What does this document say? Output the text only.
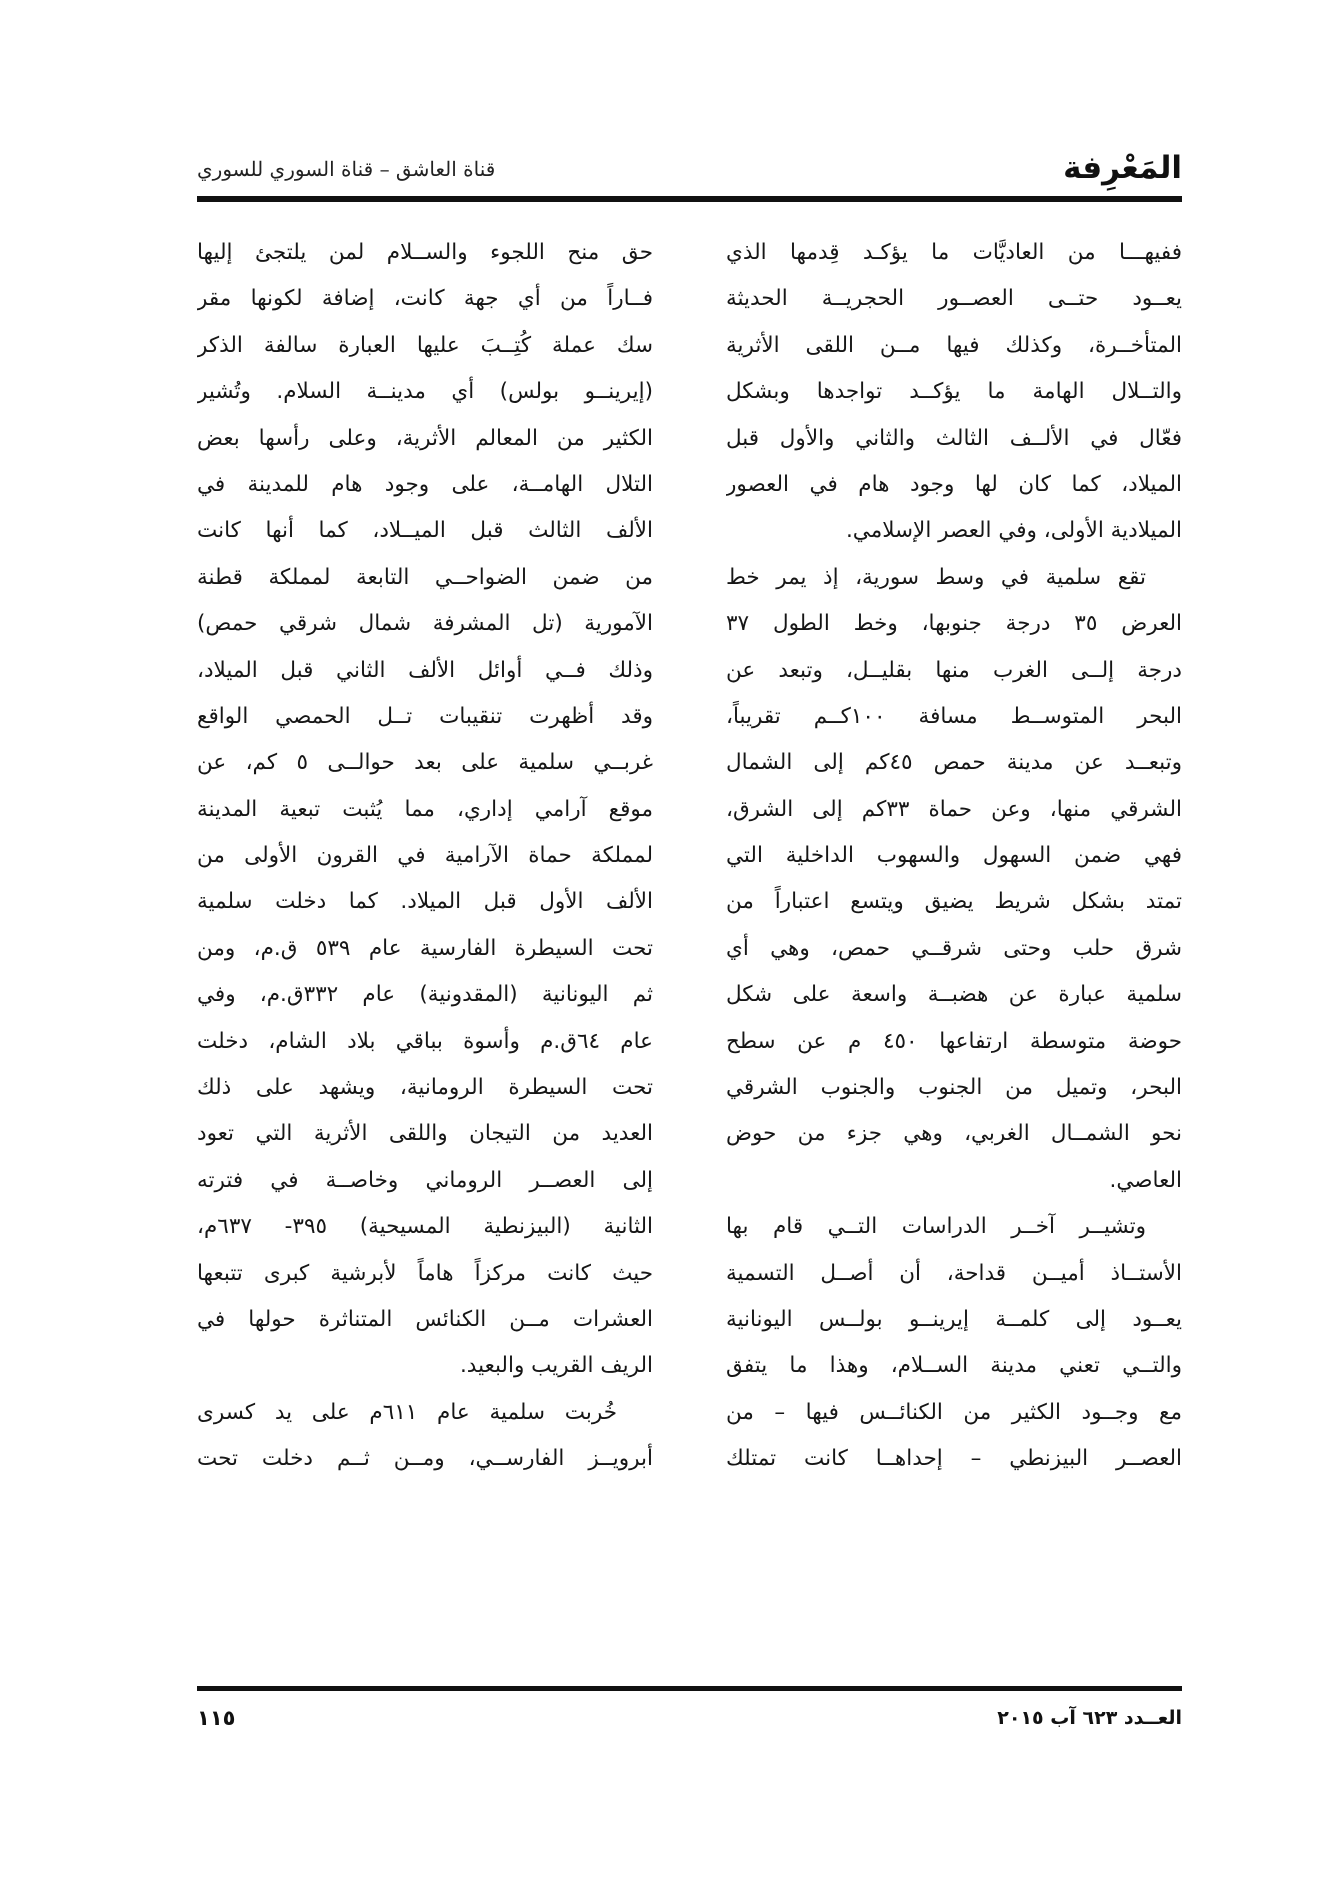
المَعْرِفة
قناة العاشق – قناة السوري للسوري
ففيهـــا من العاديَّات ما يؤكـد قِدمها الذي
يعــود حتــى العصــور الحجريــة الحديثة
المتأخــرة، وكذلك فيها مــن اللقى الأثرية
والتــلال الهامة ما يؤكــد تواجدها وبشكل
فعّال في الألــف الثالث والثاني والأول قبل
الميلاد، كما كان لها وجود هام في العصور
الميلادية الأولى، وفي العصر الإسلامي.
تقع سلمية في وسط سورية، إذ يمر خط
العرض ٣٥ درجة جنوبها، وخط الطول ٣٧
درجة إلــى الغرب منها بقليــل، وتبعد عن
البحر المتوســط مسافة ١٠٠كــم تقريباً،
وتبعــد عن مدينة حمص ٤٥كم إلى الشمال
الشرقي منها، وعن حماة ٣٣كم إلى الشرق،
فهي ضمن السهول والسهوب الداخلية التي
تمتد بشكل شريط يضيق ويتسع اعتباراً من
شرق حلب وحتى شرقــي حمص، وهي أي
سلمية عبارة عن هضبــة واسعة على شكل
حوضة متوسطة ارتفاعها ٤٥٠ م عن سطح
البحر، وتميل من الجنوب والجنوب الشرقي
نحو الشمــال الغربي، وهي جزء من حوض
العاصي.
وتشيــر آخــر الدراسات التــي قام بها
الأستــاذ أميــن قداحة، أن أصــل التسمية
يعــود إلى كلمــة إيرينــو بولــس اليونانية
والتــي تعني مدينة الســلام، وهذا ما يتفق
مع وجــود الكثير من الكنائــس فيها – من
العصــر البيزنطي – إحداهــا كانت تمتلك
حق منح اللجوء والســلام لمن يلتجئ إليها
فــاراً من أي جهة كانت، إضافة لكونها مقر
سك عملة كُتِــبَ عليها العبارة سالفة الذكر
(إيرينــو بولس) أي مدينــة السلام. وتُشير
الكثير من المعالم الأثرية، وعلى رأسها بعض
التلال الهامــة، على وجود هام للمدينة في
الألف الثالث قبل الميــلاد، كما أنها كانت
من ضمن الضواحــي التابعة لمملكة قطنة
الآمورية (تل المشرفة شمال شرقي حمص)
وذلك فــي أوائل الألف الثاني قبل الميلاد،
وقد أظهرت تنقيبات تــل الحمصي الواقع
غربــي سلمية على بعد حوالــى ٥ كم، عن
موقع آرامي إداري، مما يُثبت تبعية المدينة
لمملكة حماة الآرامية في القرون الأولى من
الألف الأول قبل الميلاد. كما دخلت سلمية
تحت السيطرة الفارسية عام ٥٣٩ ق.م، ومن
ثم اليونانية (المقدونية) عام ٣٣٢ق.م، وفي
عام ٦٤ق.م وأسوة بباقي بلاد الشام، دخلت
تحت السيطرة الرومانية، ويشهد على ذلك
العديد من التيجان واللقى الأثرية التي تعود
إلى العصــر الروماني وخاصــة في فترته
الثانية (البيزنطية المسيحية) ٣٩٥- ٦٣٧م،
حيث كانت مركزاً هاماً لأبرشية كبرى تتبعها
العشرات مــن الكنائس المتناثرة حولها في
الريف القريب والبعيد.
خُربت سلمية عام ٦١١م على يد كسرى
أبرويــز الفارســي، ومــن ثــم دخلت تحت
العــدد ٦٢٣ آب ٢٠١٥
١١٥
